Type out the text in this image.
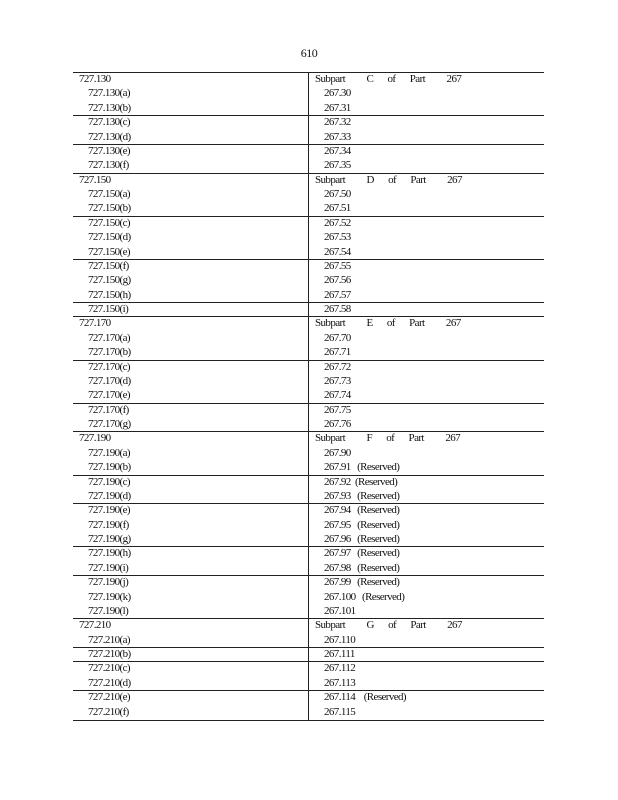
610
727.130	Subpart   C  of  Part   267
727.130(a)	267.30
727.130(b)	267.31
727.130(c)	267.32
727.130(d)	267.33
727.130(e)	267.34
727.130(f)	267.35
727.150	Subpart   D  of  Part   267
727.150(a)	267.50
727.150(b)	267.51
727.150(c)	267.52
727.150(d)	267.53
727.150(e)	267.54
727.150(f)	267.55
727.150(g)	267.56
727.150(h)	267.57
727.150(i)	267.58
727.170	Subpart   E  of  Part   267
727.170(a)	267.70
727.170(b)	267.71
727.170(c)	267.72
727.170(d)	267.73
727.170(e)	267.74
727.170(f)	267.75
727.170(g)	267.76
727.190	Subpart   F  of  Part   267
727.190(a)	267.90
727.190(b)	267.91   (Reserved)
727.190(c)	267.92  (Reserved)
727.190(d)	267.93   (Reserved)
727.190(e)	267.94   (Reserved)
727.190(f)	267.95   (Reserved)
727.190(g)	267.96   (Reserved)
727.190(h)	267.97   (Reserved)
727.190(i)	267.98   (Reserved)
727.190(j)	267.99   (Reserved)
727.190(k)	267.100   (Reserved)
727.190(l)	267.101
727.210	Subpart   G  of  Part   267
727.210(a)	267.110
727.210(b)	267.111
727.210(c)	267.112
727.210(d)	267.113
727.210(e)	267.114    (Reserved)
727.210(f)	267.115
